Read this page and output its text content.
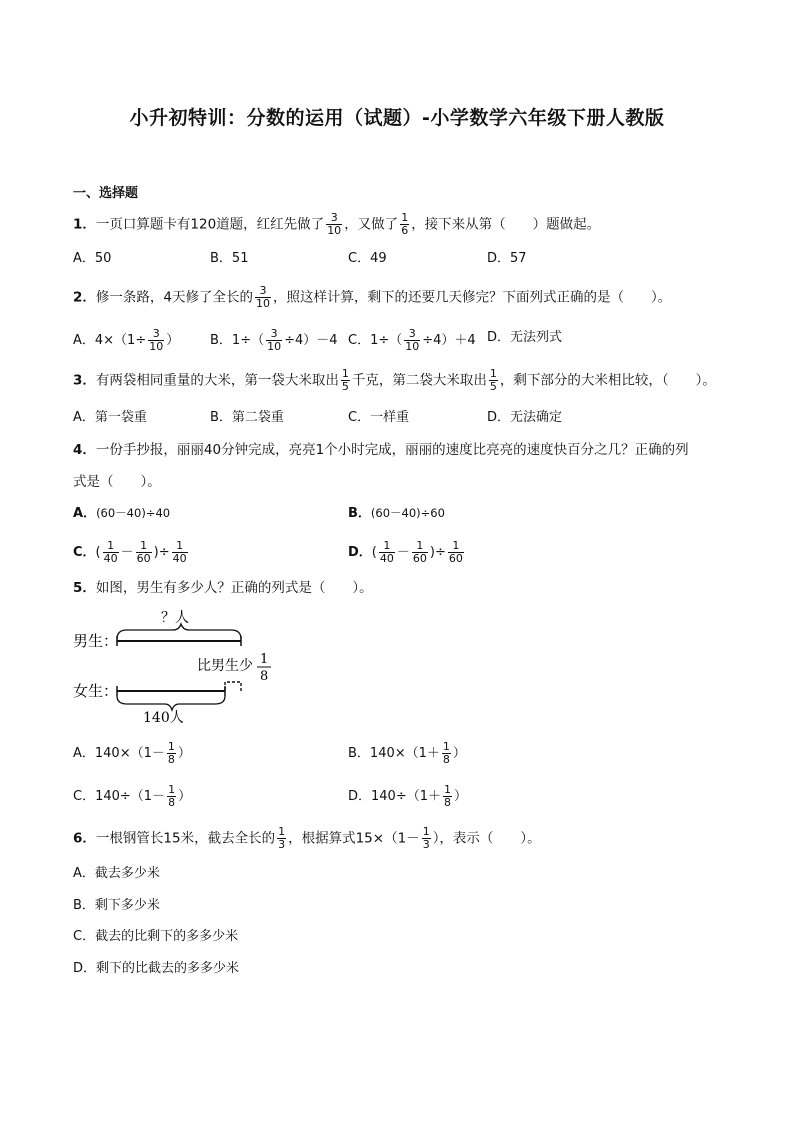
小升初特训：分数的运用（试题）-小学数学六年级下册人教版
一、选择题
1．一页口算题卡有120道题，红红先做了 $\frac{3}{10}$ ，又做了 $\frac{1}{6}$ ，接下来从第（　　）题做起。
A．50	B．51	C．49	D．57
2．修一条路，4天修了全长的 $\frac{3}{10}$ ，照这样计算，剩下的还要几天修完？下面列式正确的是（　　）。
A．$4\times(1\div \frac{3}{10}$ ） B．$1\div( \frac{3}{10} \div 4)-4$ C．$1\div( \frac{3}{10} \div 4)+4$ D．无法列式
3．有两袋相同重量的大米，第一袋大米取出 $\frac{1}{5}$ 千克，第二袋大米取出 $\frac{1}{5}$ ，剩下部分的大米相比较，（　　）。
A．第一袋重	B．第二袋重	C．一样重	D．无法确定
4．一份手抄报，丽丽40分钟完成，亮亮1个小时完成，丽丽的速度比亮亮的速度快百分之几？正确的列
式是（　　）。
A．(60－40)÷40	B．(60－40)÷60
C．( $\frac{1}{40} - \frac{1}{60}$ )÷ $\frac{1}{40}$	D．( $\frac{1}{40} - \frac{1}{60}$ )÷ $\frac{1}{60}$
5．如图，男生有多少人？正确的列式是（　　）。
男生：
？人
比男生少 1
8
女生：
140人
A．$140\times(1- \frac{1}{8}$ ）	B．$140\times(1+ \frac{1}{8}$ ）
C．$140\div(1- \frac{1}{8}$ ）	D．$140\div(1+ \frac{1}{8}$ ）
6．一根钢管长15米，截去全长的 $\frac{1}{3}$ ，根据算式$15\times(1- \frac{1}{3}$ ），表示（　　）。
A．截去多少米
B．剩下多少米
C．截去的比剩下的多多少米
D．剩下的比截去的多多少米
